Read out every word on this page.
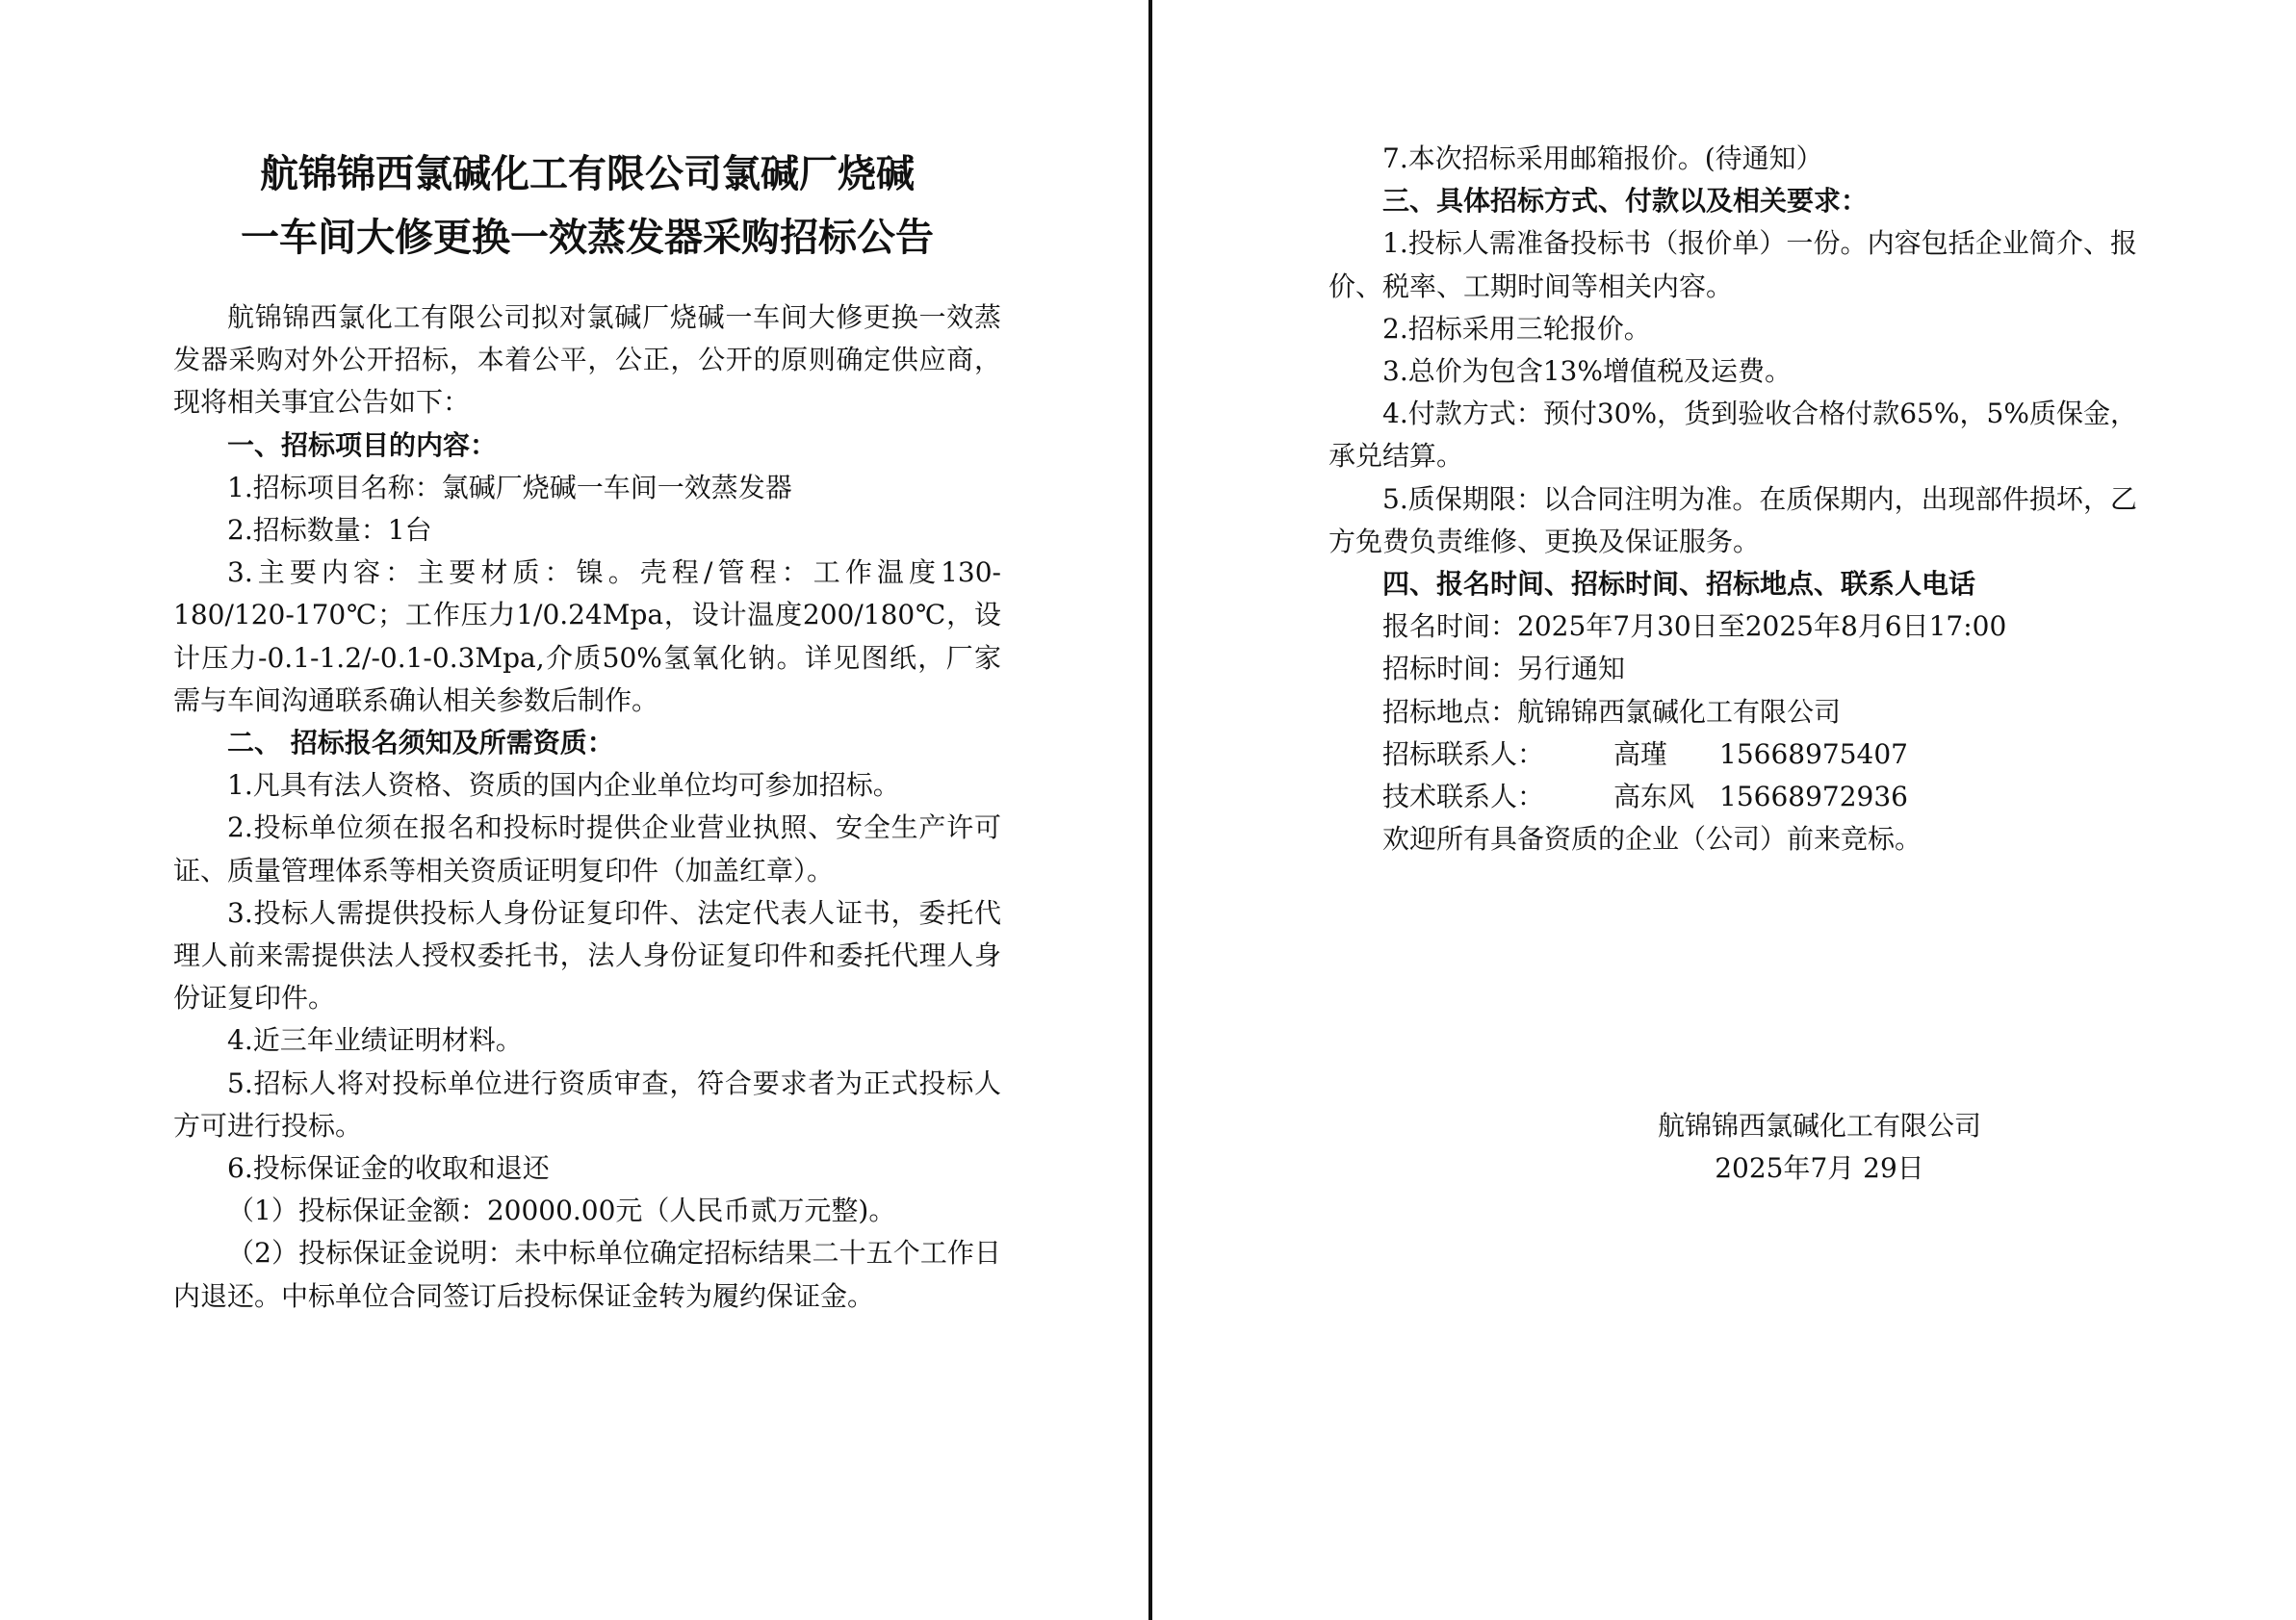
航锦锦西氯碱化工有限公司氯碱厂烧碱
一车间大修更换一效蒸发器采购招标公告

航锦锦西氯化工有限公司拟对氯碱厂烧碱一车间大修更换一效蒸发器采购对外公开招标，本着公平，公正，公开的原则确定供应商，现将相关事宜公告如下：

一、招标项目的内容：

1.招标项目名称：氯碱厂烧碱一车间一效蒸发器

2.招标数量：1台

3.主要内容：主要材质：镍。壳程/管程：工作温度130-180/120-170℃；工作压力1/0.24Mpa，设计温度200/180℃，设计压力-0.1-1.2/-0.1-0.3Mpa,介质50%氢氧化钠。详见图纸，厂家需与车间沟通联系确认相关参数后制作。

二、 招标报名须知及所需资质：

1.凡具有法人资格、资质的国内企业单位均可参加招标。

2.投标单位须在报名和投标时提供企业营业执照、安全生产许可证、质量管理体系等相关资质证明复印件（加盖红章）。

3.投标人需提供投标人身份证复印件、法定代表人证书，委托代理人前来需提供法人授权委托书，法人身份证复印件和委托代理人身份证复印件。

4.近三年业绩证明材料。

5.招标人将对投标单位进行资质审查，符合要求者为正式投标人方可进行投标。

6.投标保证金的收取和退还

（1）投标保证金额：20000.00元（人民币贰万元整)。

（2）投标保证金说明：未中标单位确定招标结果二十五个工作日内退还。中标单位合同签订后投标保证金转为履约保证金。

7.本次招标采用邮箱报价。(待通知）

三、具体招标方式、付款以及相关要求：

1.投标人需准备投标书（报价单）一份。内容包括企业简介、报价、税率、工期时间等相关内容。

2.招标采用三轮报价。

3.总价为包含13%增值税及运费。

4.付款方式：预付30%，货到验收合格付款65%，5%质保金，承兑结算。

5.质保期限：以合同注明为准。在质保期内，出现部件损坏，乙方免费负责维修、更换及保证服务。

四、报名时间、招标时间、招标地点、联系人电话

报名时间：2025年7月30日至2025年8月6日17:00

招标时间：另行通知

招标地点：航锦锦西氯碱化工有限公司

招标联系人：	高瑾	15668975407
技术联系人：	高东风 15668972936

欢迎所有具备资质的企业（公司）前来竞标。

航锦锦西氯碱化工有限公司
2025年7月 29日
